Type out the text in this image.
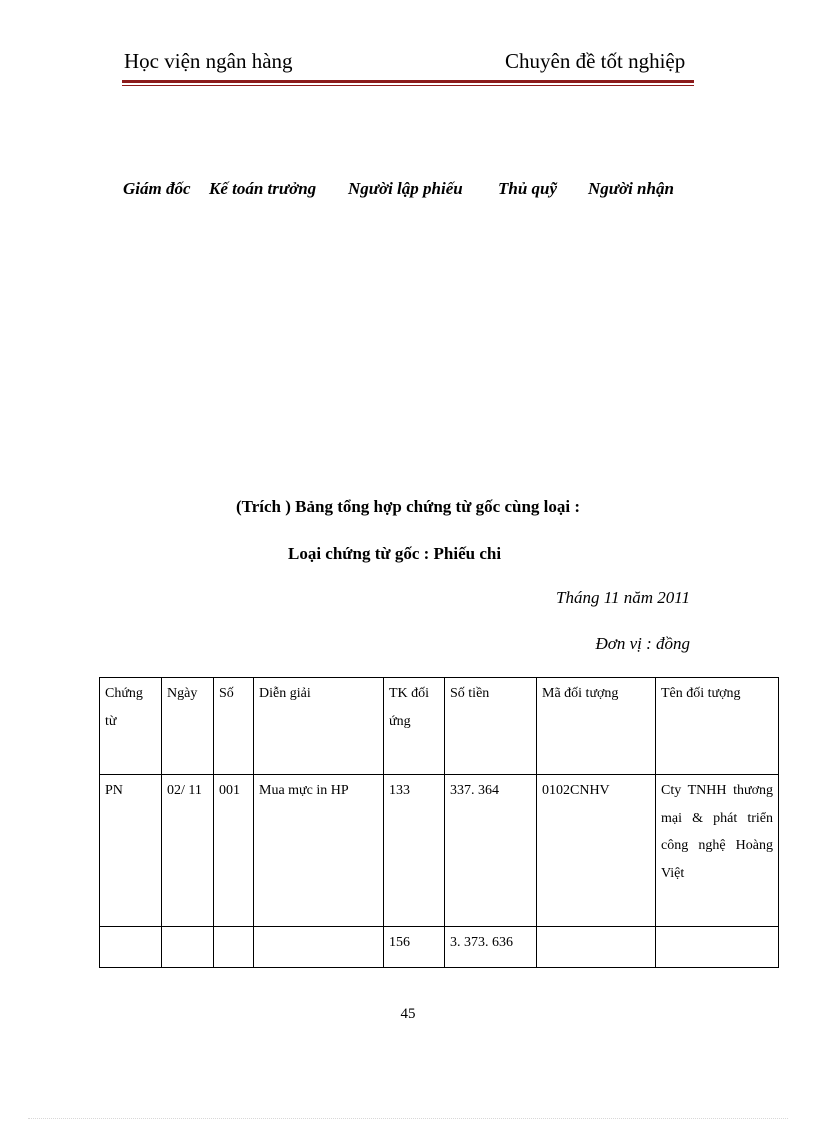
Học viện ngân hàng	Chuyên đề tốt nghiệp
Giám đốc Kế toán trưởng Người lập phiếu Thủ quỹ Người nhận
(Trích ) Bảng tổng hợp chứng từ gốc cùng loại :
Loại chứng từ gốc : Phiếu chi
Tháng 11 năm 2011
Đơn vị : đồng
Chứng từ	Ngày	Số	Diễn giải	TK đối ứng	Số tiền	Mã đối tượng	Tên đối tượng
PN	02/ 11	001	Mua mực in HP	133	337. 364	0102CNHV	Cty TNHH thương mại & phát triển công nghệ Hoàng Việt
				156	3. 373. 636		
45
